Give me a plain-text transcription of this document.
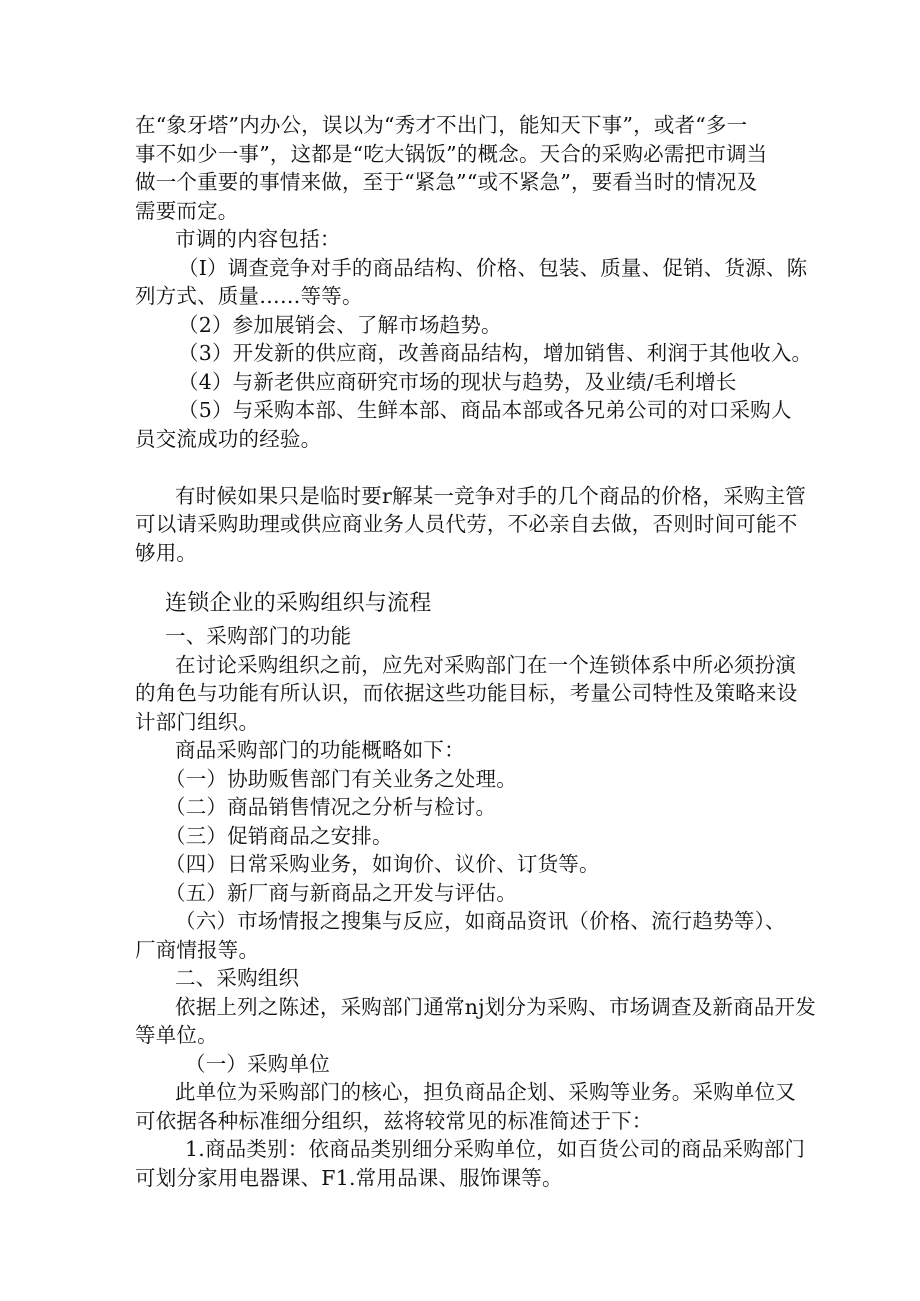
在“象牙塔”内办公，误以为“秀才不出门，能知天下事”，或者“多一
事不如少一事”，这都是“吃大锅饭”的概念。天合的采购必需把市调当
做一个重要的事情来做，至于“紧急”“或不紧急”，要看当时的情况及
需要而定。
市调的内容包括：
（I）调查竞争对手的商品结构、价格、包装、质量、促销、货源、陈
列方式、质量……等等。
（2）参加展销会、了解市场趋势。
（3）开发新的供应商，改善商品结构，增加销售、利润于其他收入。
（4）与新老供应商研究市场的现状与趋势，及业绩/毛利增长
（5）与采购本部、生鲜本部、商品本部或各兄弟公司的对口采购人
员交流成功的经验。
有时候如果只是临时要r解某一竞争对手的几个商品的价格，采购主管
可以请采购助理或供应商业务人员代劳，不必亲自去做，否则时间可能不
够用。
连锁企业的采购组织与流程
一、采购部门的功能
在讨论采购组织之前，应先对采购部门在一个连锁体系中所必须扮演
的角色与功能有所认识，而依据这些功能目标，考量公司特性及策略来设
计部门组织。
商品采购部门的功能概略如下：
（一）协助贩售部门有关业务之处理。
（二）商品销售情况之分析与检讨。
（三）促销商品之安排。
（四）日常采购业务，如询价、议价、订货等。
（五）新厂商与新商品之开发与评估。
（六）市场情报之搜集与反应，如商品资讯（价格、流行趋势等）、
厂商情报等。
二、采购组织
依据上列之陈述，采购部门通常nj划分为采购、市场调查及新商品开发
等单位。
（一）采购单位
此单位为采购部门的核心，担负商品企划、采购等业务。采购单位又
可依据各种标准细分组织，兹将较常见的标准简述于下：
1.商品类别：依商品类别细分采购单位，如百货公司的商品采购部门
可划分家用电器课、F1.常用品课、服饰课等。
